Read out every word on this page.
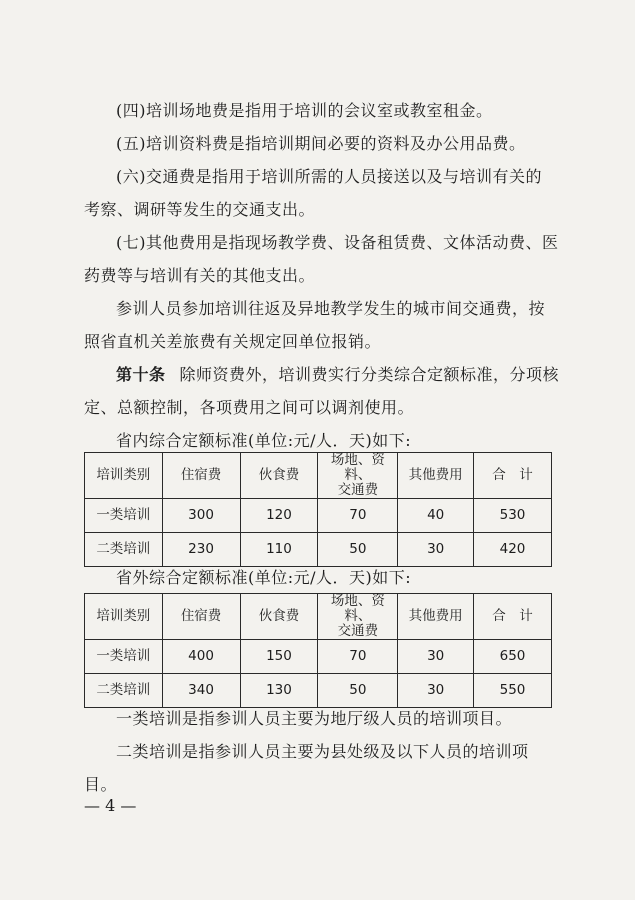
(四)培训场地费是指用于培训的会议室或教室租金。
(五)培训资料费是指培训期间必要的资料及办公用品费。
(六)交通费是指用于培训所需的人员接送以及与培训有关的
考察、调研等发生的交通支出。
(七)其他费用是指现场教学费、设备租赁费、文体活动费、医
药费等与培训有关的其他支出。
参训人员参加培训往返及异地教学发生的城市间交通费，按
照省直机关差旅费有关规定回单位报销。
第十条 除师资费外，培训费实行分类综合定额标准，分项核
定、总额控制，各项费用之间可以调剂使用。
省内综合定额标准(单位:元/人．天)如下:
培训类别	住宿费	伙食费	场地、资料、
交通费	其他费用	合　计
一类培训	300	120	70	40	530
二类培训	230	110	50	30	420
省外综合定额标准(单位:元/人．天)如下:
培训类别	住宿费	伙食费	场地、资料、
交通费	其他费用	合　计
一类培训	400	150	70	30	650
二类培训	340	130	50	30	550
一类培训是指参训人员主要为地厅级人员的培训项目。
二类培训是指参训人员主要为县处级及以下人员的培训项
目。
— 4 —
